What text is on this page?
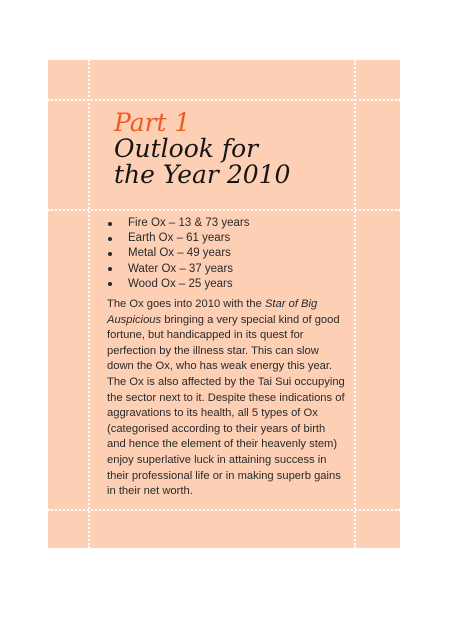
Part 1
Outlook for
the Year 2010
Fire Ox – 13 & 73 years
Earth Ox – 61 years
Metal Ox – 49 years
Water Ox – 37 years
Wood Ox – 25 years

The Ox goes into 2010 with the Star of Big Auspicious bringing a very special kind of good fortune, but handicapped in its quest for perfection by the illness star. This can slow down the Ox, who has weak energy this year. The Ox is also affected by the Tai Sui occupying the sector next to it. Despite these indications of aggravations to its health, all 5 types of Ox (categorised according to their years of birth and hence the element of their heavenly stem) enjoy superlative luck in attaining success in their professional life or in making superb gains in their net worth.
